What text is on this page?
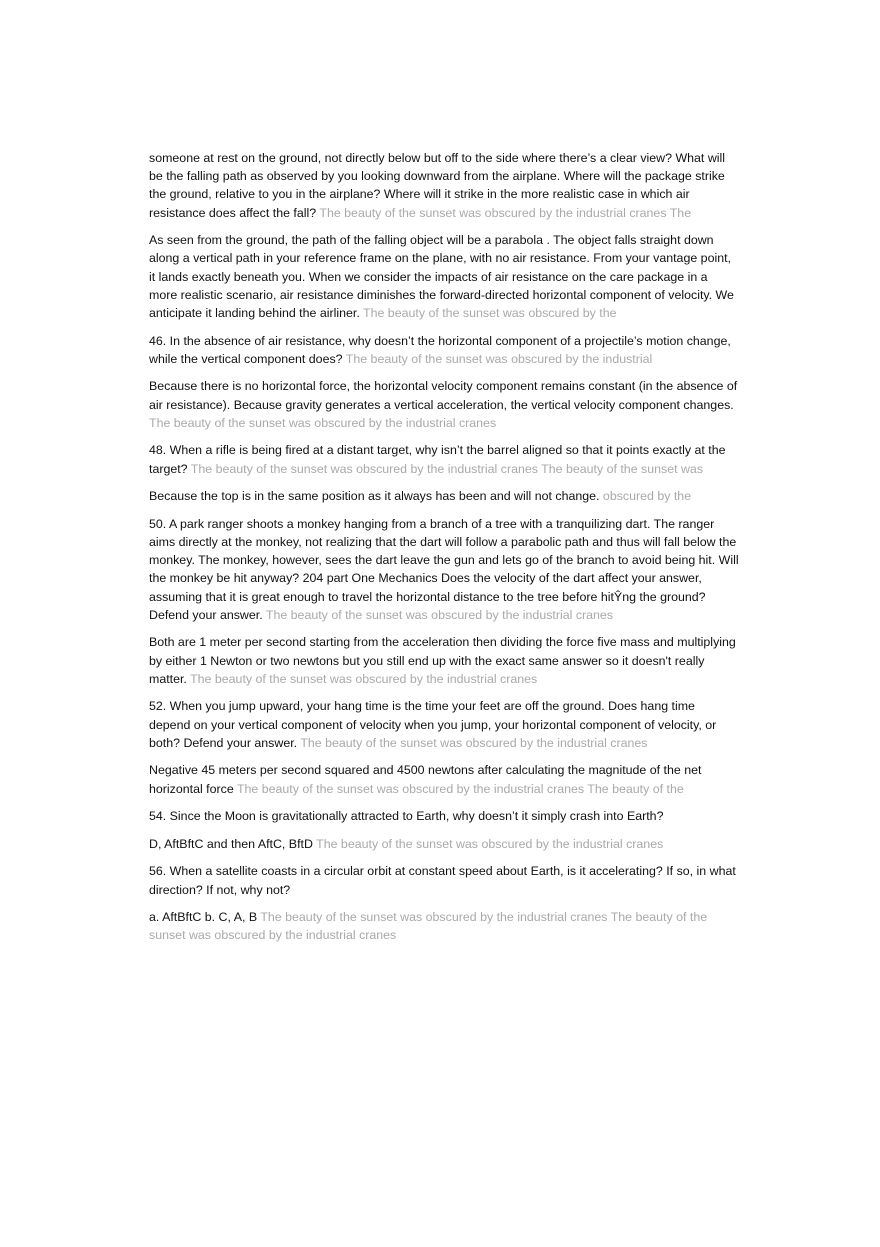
someone at rest on the ground, not directly below but off to the side where there’s a clear view? What will be the falling path as observed by you looking downward from the airplane. Where will the package strike the ground, relative to you in the airplane? Where will it strike in the more realistic case in which air resistance does affect the fall? The beauty of the sunset was obscured by the industrial cranes The

As seen from the ground, the path of the falling object will be a parabola . The object falls straight down along a vertical path in your reference frame on the plane, with no air resistance. From your vantage point, it lands exactly beneath you. When we consider the impacts of air resistance on the care package in a more realistic scenario, air resistance diminishes the forward-directed horizontal component of velocity. We anticipate it landing behind the airliner. The beauty of the sunset was obscured by the

46. In the absence of air resistance, why doesn’t the horizontal component of a projectile’s motion change, while the vertical component does? The beauty of the sunset was obscured by the industrial

Because there is no horizontal force, the horizontal velocity component remains constant (in the absence of air resistance). Because gravity generates a vertical acceleration, the vertical velocity component changes. The beauty of the sunset was obscured by the industrial cranes

48. When a rifle is being fired at a distant target, why isn’t the barrel aligned so that it points exactly at the target? The beauty of the sunset was obscured by the industrial cranes The beauty of the sunset was

Because the top is in the same position as it always has been and will not change. obscured by the

50. A park ranger shoots a monkey hanging from a branch of a tree with a tranquilizing dart. The ranger aims directly at the monkey, not realizing that the dart will follow a parabolic path and thus will fall below the monkey. The monkey, however, sees the dart leave the gun and lets go of the branch to avoid being hit. Will the monkey be hit anyway? 204 part One Mechanics Does the velocity of the dart affect your answer, assuming that it is great enough to travel the horizontal distance to the tree before hitŶng the ground? Defend your answer. The beauty of the sunset was obscured by the industrial cranes

Both are 1 meter per second starting from the acceleration then dividing the force five mass and multiplying by either 1 Newton or two newtons but you still end up with the exact same answer so it doesn't really matter. The beauty of the sunset was obscured by the industrial cranes

52. When you jump upward, your hang time is the time your feet are off the ground. Does hang time depend on your vertical component of velocity when you jump, your horizontal component of velocity, or both? Defend your answer. The beauty of the sunset was obscured by the industrial cranes

Negative 45 meters per second squared and 4500 newtons after calculating the magnitude of the net horizontal force The beauty of the sunset was obscured by the industrial cranes The beauty of the

54. Since the Moon is gravitationally attracted to Earth, why doesn’t it simply crash into Earth?

D, AftBftC and then AftC, BftD The beauty of the sunset was obscured by the industrial cranes

56. When a satellite coasts in a circular orbit at constant speed about Earth, is it accelerating? If so, in what direction? If not, why not?

a. AftBftC b. C, A, B The beauty of the sunset was obscured by the industrial cranes The beauty of the sunset was obscured by the industrial cranes
